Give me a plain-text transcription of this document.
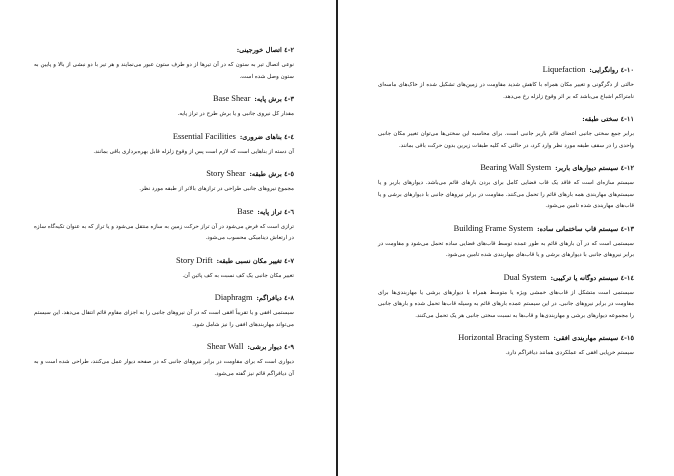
۲-٤ اتصال خورجینی:

نوعی اتصال تیر به ستون که در آن تیرها از دو طرف ستون عبور می‌نمایند و هر تیر با دو نبشی از بالا و پایین به ستون وصل شده است.

۳-٤ برش پایه:Base Shear

مقدار کل نیروی جانبی و یا برش طرح در تراز پایه.

٤-٤ بناهای ضروری:Essential Facilities

آن دسته از بناهایی است که لازم است پس از وقوع زلزله قابل بهره‌برداری باقی بمانند.

٥-٤ برش طبقه:Story Shear

مجموع نیروهای جانبی طراحی در ترازهای بالاتر از طبقه مورد نظر.

٦-٤ تراز پایه:Base

ترازی است که فرض می‌شود در آن تراز حرکت زمین به سازه منتقل می‌شود و یا تراز که به عنوان تکیه‌گاه سازه در ارتعاش دینامیکی محسوب می‌شود.

۷-٤ تغییر مکان نسبی طبقه:Story Drift

تغییر مکان جانبی یک کف نسبت به کف پائین آن.

۸-٤ دیافراگم:Diaphragm

سیستمی افقی و یا تقریباً افقی است که در آن نیروهای جانبی را به اجزای مقاوم قائم انتقال می‌دهد. این سیستم می‌تواند مهاربندهای افقی را نیز شامل شود.

۹-٤ دیوار برشی:Shear Wall

دیواری است که برای مقاومت در برابر نیروهای جانبی که در صفحه دیوار عمل می‌کنند، طراحی شده است و به آن دیافراگم قائم نیز گفته می‌شود.

۱۰-٤ روانگرایی:Liquefaction

حالتی از دگرگونی و تغییر مکان همراه با کاهش شدید مقاومت در زمین‌های تشکیل شده از خاک‌های ماسه‌ای نامتراکم اشباع می‌باشد که بر اثر وقوع زلزله رخ می‌دهد.

۱۱-٤ سختی طبقه:

برابر جمع سختی جانبی اعضای قائم باربر جانبی است. برای محاسبه این سختی‌ها می‌توان تغییر مکان جانبی واحدی را در سقف طبقه مورد نظر وارد کرد، در حالتی که کلیه طبقات زیرین بدون حرکت باقی بمانند.

۱۲-٤ سیستم دیوارهای باربر:Bearing Wall System

سیستم سازه‌ای است که فاقد یک قاب فضایی کامل برای بردن بارهای قائم می‌باشد. دیوارهای باربر و یا سیستم‌های مهاربندی همه بارهای قائم را تحمل می‌کنند. مقاومت در برابر نیروهای جانبی با دیوارهای برشی و یا قاب‌های مهاربندی شده تامین می‌شود.

۱۳-٤ سیستم قاب ساختمانی ساده:Building Frame System

سیستمی است که در آن بارهای قائم به طور عمده توسط قاب‌های فضایی ساده تحمل می‌شود و مقاومت در برابر نیروهای جانبی با دیوارهای برشی و یا قاب‌های مهاربندی شده تامین می‌شود.

۱٤-٤ سیستم دوگانه یا ترکیبی:Dual System

سیستمی است متشکل از قاب‌های خمشی ویژه یا متوسط همراه با دیوارهای برشی یا مهاربندی‌ها برای مقاومت در برابر نیروهای جانبی. در این سیستم عمده بارهای قائم به وسیله قاب‌ها تحمل شده و بارهای جانبی را مجموعه دیوارهای برشی و مهاربندی‌ها و قاب‌ها به نسبت سختی جانبی هر یک تحمل می‌کنند.

۱٥-٤ سیستم مهاربندی افقی:Horizontal Bracing System

سیستم خرپایی افقی که عملکردی همانند دیافراگم دارد.
